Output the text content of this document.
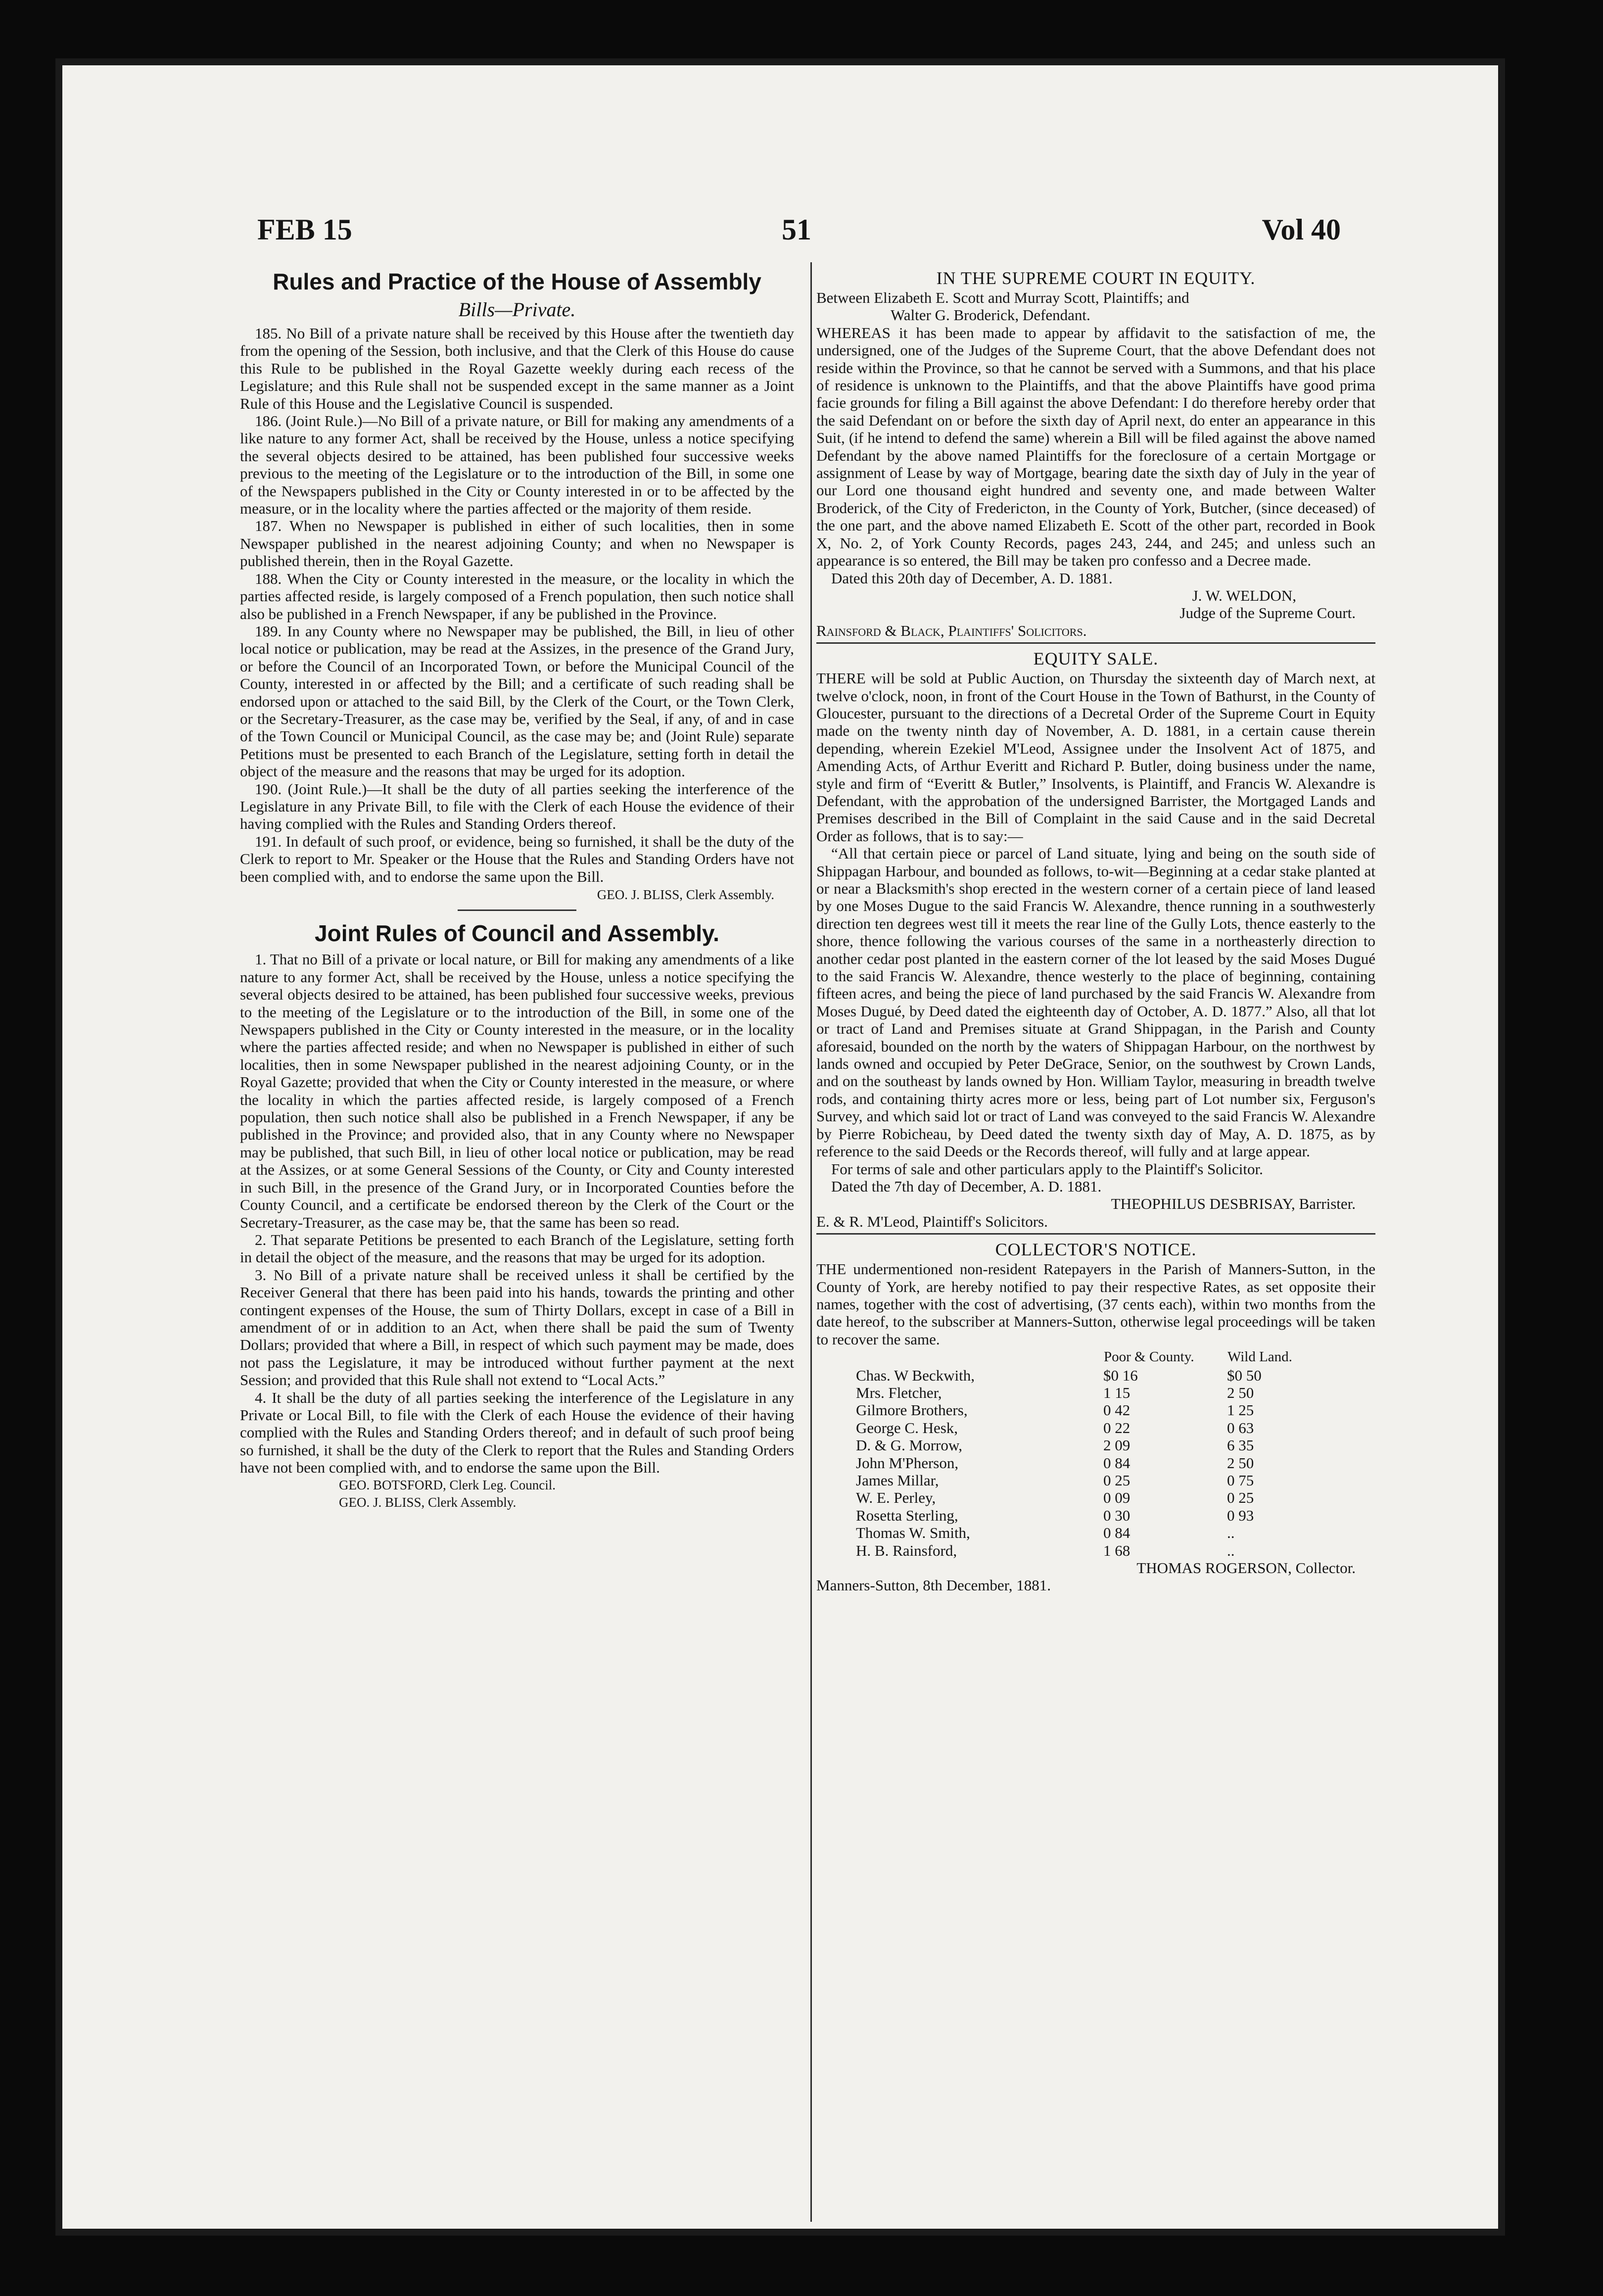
FEB 15	51	Vol 40
Rules and Practice of the House of Assembly
Bills—Private.

185. No Bill of a private nature shall be received by this House after the twentieth day from the opening of the Session, both inclusive, and that the Clerk of this House do cause this Rule to be published in the Royal Gazette weekly during each recess of the Legislature; and this Rule shall not be suspended except in the same manner as a Joint Rule of this House and the Legislative Council is suspended.

186. (Joint Rule.)—No Bill of a private nature, or Bill for making any amendments of a like nature to any former Act, shall be received by the House, unless a notice specifying the several objects desired to be attained, has been published four successive weeks previous to the meeting of the Legislature or to the introduction of the Bill, in some one of the Newspapers published in the City or County interested in or to be affected by the measure, or in the locality where the parties affected or the majority of them reside.

187. When no Newspaper is published in either of such localities, then in some Newspaper published in the nearest adjoining County; and when no Newspaper is published therein, then in the Royal Gazette.

188. When the City or County interested in the measure, or the locality in which the parties affected reside, is largely composed of a French population, then such notice shall also be published in a French Newspaper, if any be published in the Province.

189. In any County where no Newspaper may be published, the Bill, in lieu of other local notice or publication, may be read at the Assizes, in the presence of the Grand Jury, or before the Council of an Incorporated Town, or before the Municipal Council of the County, interested in or affected by the Bill; and a certificate of such reading shall be endorsed upon or attached to the said Bill, by the Clerk of the Court, or the Town Clerk, or the Secretary-Treasurer, as the case may be, verified by the Seal, if any, of and in case of the Town Council or Municipal Council, as the case may be; and (Joint Rule) separate Petitions must be presented to each Branch of the Legislature, setting forth in detail the object of the measure and the reasons that may be urged for its adoption.

190. (Joint Rule.)—It shall be the duty of all parties seeking the interference of the Legislature in any Private Bill, to file with the Clerk of each House the evidence of their having complied with the Rules and Standing Orders thereof.

191. In default of such proof, or evidence, being so furnished, it shall be the duty of the Clerk to report to Mr. Speaker or the House that the Rules and Standing Orders have not been complied with, and to endorse the same upon the Bill.

GEO. J. BLISS, Clerk Assembly.
Joint Rules of Council and Assembly.

1. That no Bill of a private or local nature, or Bill for making any amendments of a like nature to any former Act, shall be received by the House, unless a notice specifying the several objects desired to be attained, has been published four successive weeks, previous to the meeting of the Legislature or to the introduction of the Bill, in some one of the Newspapers published in the City or County interested in the measure, or in the locality where the parties affected reside; and when no Newspaper is published in either of such localities, then in some Newspaper published in the nearest adjoining County, or in the Royal Gazette; provided that when the City or County interested in the measure, or where the locality in which the parties affected reside, is largely composed of a French population, then such notice shall also be published in a French Newspaper, if any be published in the Province; and provided also, that in any County where no Newspaper may be published, that such Bill, in lieu of other local notice or publication, may be read at the Assizes, or at some General Sessions of the County, or City and County interested in such Bill, in the presence of the Grand Jury, or in Incorporated Counties before the County Council, and a certificate be endorsed thereon by the Clerk of the Court or the Secretary-Treasurer, as the case may be, that the same has been so read.

2. That separate Petitions be presented to each Branch of the Legislature, setting forth in detail the object of the measure, and the reasons that may be urged for its adoption.

3. No Bill of a private nature shall be received unless it shall be certified by the Receiver General that there has been paid into his hands, towards the printing and other contingent expenses of the House, the sum of Thirty Dollars, except in case of a Bill in amendment of or in addition to an Act, when there shall be paid the sum of Twenty Dollars; provided that where a Bill, in respect of which such payment may be made, does not pass the Legislature, it may be introduced without further payment at the next Session; and provided that this Rule shall not extend to “Local Acts.”

4. It shall be the duty of all parties seeking the interference of the Legislature in any Private or Local Bill, to file with the Clerk of each House the evidence of their having complied with the Rules and Standing Orders thereof; and in default of such proof being so furnished, it shall be the duty of the Clerk to report that the Rules and Standing Orders have not been complied with, and to endorse the same upon the Bill.

GEO. BOTSFORD, Clerk Leg. Council.
GEO. J. BLISS, Clerk Assembly.
IN THE SUPREME COURT IN EQUITY.

Between Elizabeth E. Scott and Murray Scott, Plaintiffs; and

Walter G. Broderick, Defendant.

WHEREAS it has been made to appear by affidavit to the satisfaction of me, the undersigned, one of the Judges of the Supreme Court, that the above Defendant does not reside within the Province, so that he cannot be served with a Summons, and that his place of residence is unknown to the Plaintiffs, and that the above Plaintiffs have good prima facie grounds for filing a Bill against the above Defendant: I do therefore hereby order that the said Defendant on or before the sixth day of April next, do enter an appearance in this Suit, (if he intend to defend the same) wherein a Bill will be filed against the above named Defendant by the above named Plaintiffs for the foreclosure of a certain Mortgage or assignment of Lease by way of Mortgage, bearing date the sixth day of July in the year of our Lord one thousand eight hundred and seventy one, and made between Walter Broderick, of the City of Fredericton, in the County of York, Butcher, (since deceased) of the one part, and the above named Elizabeth E. Scott of the other part, recorded in Book X, No. 2, of York County Records, pages 243, 244, and 245; and unless such an appearance is so entered, the Bill may be taken pro confesso and a Decree made.

Dated this 20th day of December, A. D. 1881.

J. W. WELDON,

Judge of the Supreme Court.

Rainsford & Black, Plaintiffs' Solicitors.

EQUITY SALE.

THERE will be sold at Public Auction, on Thursday the sixteenth day of March next, at twelve o'clock, noon, in front of the Court House in the Town of Bathurst, in the County of Gloucester, pursuant to the directions of a Decretal Order of the Supreme Court in Equity made on the twenty ninth day of November, A. D. 1881, in a certain cause therein depending, wherein Ezekiel M'Leod, Assignee under the Insolvent Act of 1875, and Amending Acts, of Arthur Everitt and Richard P. Butler, doing business under the name, style and firm of “Everitt & Butler,” Insolvents, is Plaintiff, and Francis W. Alexandre is Defendant, with the approbation of the undersigned Barrister, the Mortgaged Lands and Premises described in the Bill of Complaint in the said Cause and in the said Decretal Order as follows, that is to say:—

“All that certain piece or parcel of Land situate, lying and being on the south side of Shippagan Harbour, and bounded as follows, to-wit—Beginning at a cedar stake planted at or near a Blacksmith's shop erected in the western corner of a certain piece of land leased by one Moses Dugue to the said Francis W. Alexandre, thence running in a southwesterly direction ten degrees west till it meets the rear line of the Gully Lots, thence easterly to the shore, thence following the various courses of the same in a northeasterly direction to another cedar post planted in the eastern corner of the lot leased by the said Moses Dugué to the said Francis W. Alexandre, thence westerly to the place of beginning, containing fifteen acres, and being the piece of land purchased by the said Francis W. Alexandre from Moses Dugué, by Deed dated the eighteenth day of October, A. D. 1877.” Also, all that lot or tract of Land and Premises situate at Grand Shippagan, in the Parish and County aforesaid, bounded on the north by the waters of Shippagan Harbour, on the northwest by lands owned and occupied by Peter DeGrace, Senior, on the southwest by Crown Lands, and on the southeast by lands owned by Hon. William Taylor, measuring in breadth twelve rods, and containing thirty acres more or less, being part of Lot number six, Ferguson's Survey, and which said lot or tract of Land was conveyed to the said Francis W. Alexandre by Pierre Robicheau, by Deed dated the twenty sixth day of May, A. D. 1875, as by reference to the said Deeds or the Records thereof, will fully and at large appear.

For terms of sale and other particulars apply to the Plaintiff's Solicitor.

Dated the 7th day of December, A. D. 1881.

THEOPHILUS DESBRISAY, Barrister.

E. & R. M'Leod, Plaintiff's Solicitors.

COLLECTOR'S NOTICE.

THE undermentioned non-resident Ratepayers in the Parish of Manners-Sutton, in the County of York, are hereby notified to pay their respective Rates, as set opposite their names, together with the cost of advertising, (37 cents each), within two months from the date hereof, to the subscriber at Manners-Sutton, otherwise legal proceedings will be taken to recover the same.

	Poor & County.	Wild Land.
Chas. W Beckwith,	$0 16	$0 50
Mrs. Fletcher,	1 15	2 50
Gilmore Brothers,	0 42	1 25
George C. Hesk,	0 22	0 63
D. & G. Morrow,	2 09	6 35
John M'Pherson,	0 84	2 50
James Millar,	0 25	0 75
W. E. Perley,	0 09	0 25
Rosetta Sterling,	0 30	0 93
Thomas W. Smith,	0 84	..
H. B. Rainsford,	1 68	..

THOMAS ROGERSON, Collector.

Manners-Sutton, 8th December, 1881.
